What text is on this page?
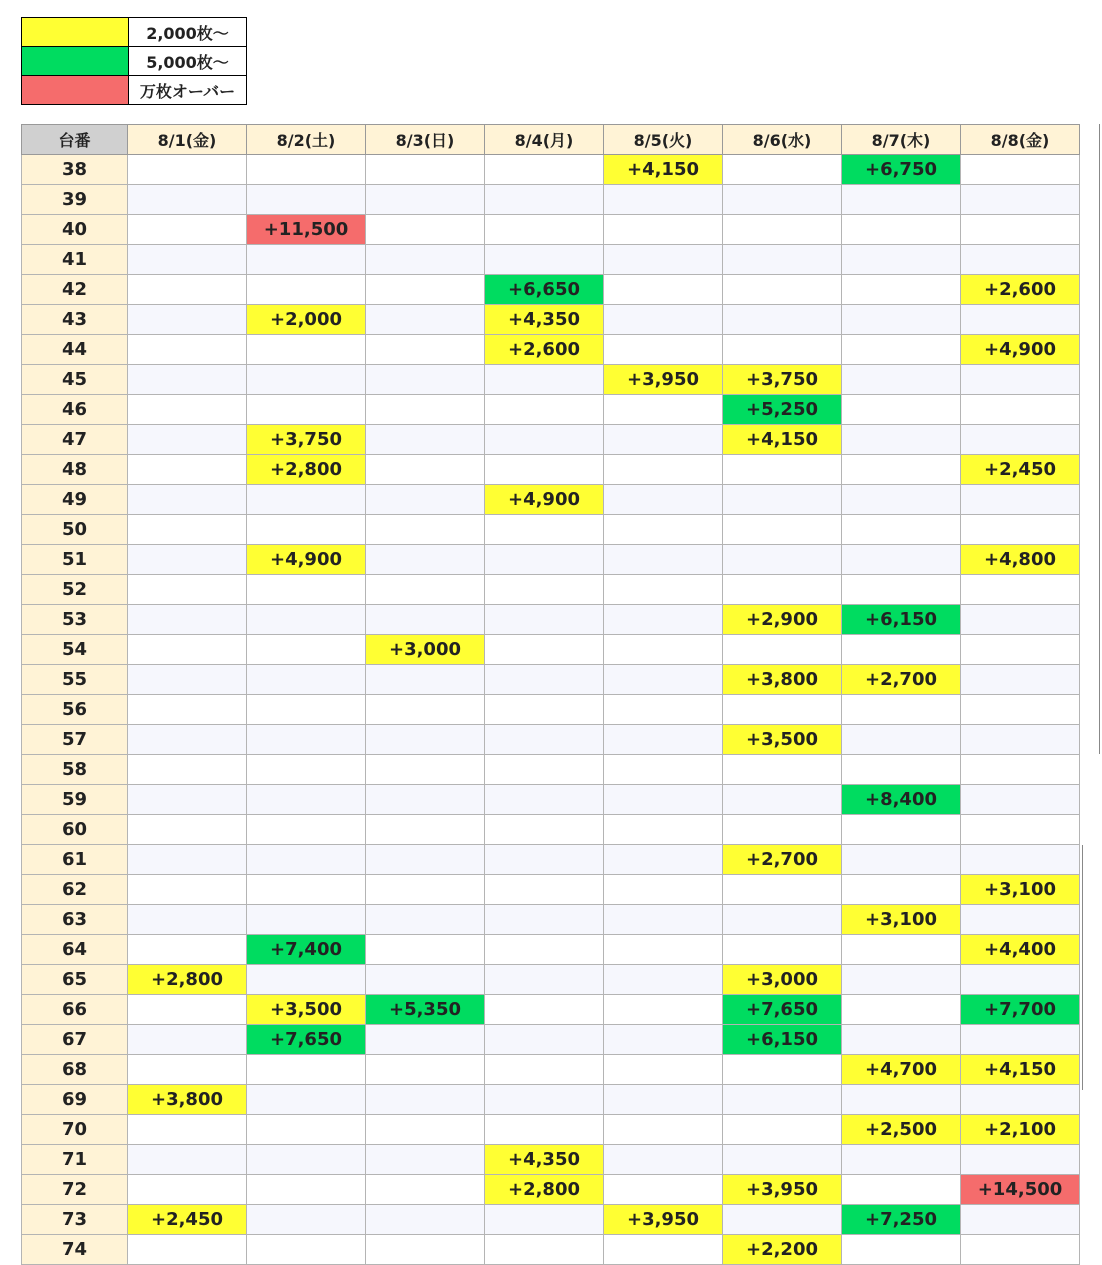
	2,000枚～
	5,000枚～
	万枚オーバー
台番	8/1(金)	8/2(土)	8/3(日)	8/4(月)	8/5(火)	8/6(水)	8/7(木)	8/8(金)
38					+4,150		+6,750	
39								
40		+11,500						
41								
42				+6,650				+2,600
43		+2,000		+4,350				
44				+2,600				+4,900
45					+3,950	+3,750		
46						+5,250		
47		+3,750				+4,150		
48		+2,800						+2,450
49				+4,900				
50								
51		+4,900						+4,800
52								
53						+2,900	+6,150	
54			+3,000					
55						+3,800	+2,700	
56								
57						+3,500		
58								
59							+8,400	
60								
61						+2,700		
62								+3,100
63							+3,100	
64		+7,400						+4,400
65	+2,800					+3,000		
66		+3,500	+5,350			+7,650		+7,700
67		+7,650				+6,150		
68							+4,700	+4,150
69	+3,800							
70							+2,500	+2,100
71				+4,350				
72				+2,800		+3,950		+14,500
73	+2,450				+3,950		+7,250	
74						+2,200		
